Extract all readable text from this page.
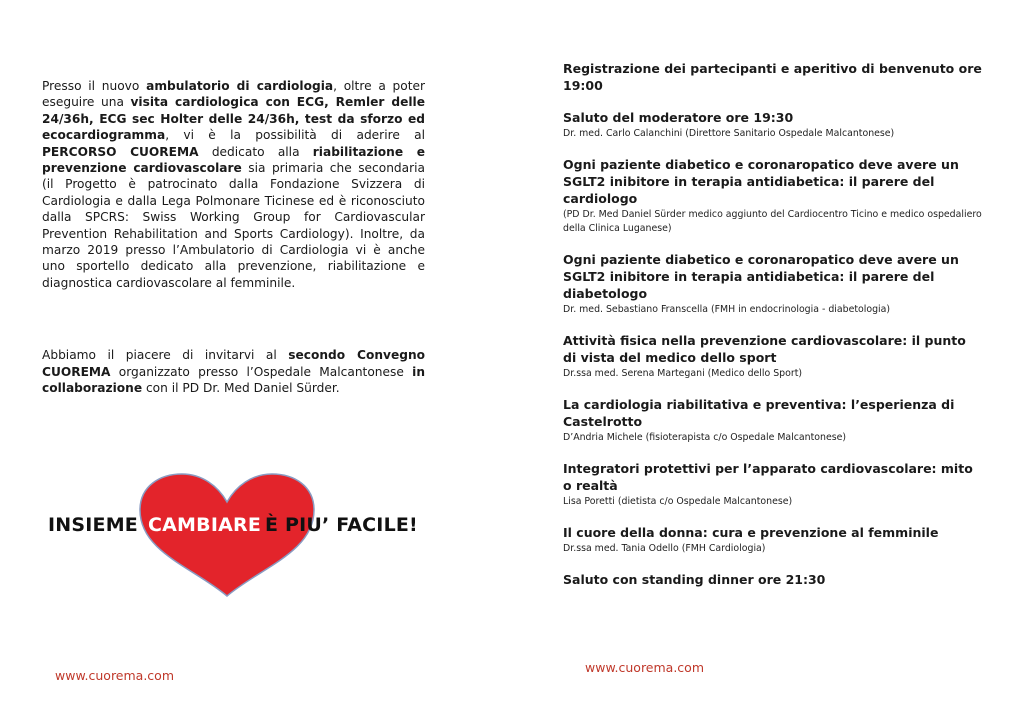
Presso il nuovo ambulatorio di cardiologia, oltre a poter eseguire una visita cardiologica con ECG, Remler delle 24/36h, ECG sec Holter delle 24/36h, test da sforzo ed ecocardiogramma, vi è la possibilità di aderire al PERCORSO CUOREMA dedicato alla riabilitazione e prevenzione cardiovascolare sia primaria che secondaria (il Progetto è patrocinato dalla Fondazione Svizzera di Cardiologia e dalla Lega Polmonare Ticinese ed è riconosciuto dalla SPCRS: Swiss Working Group for Cardiovascular Prevention Rehabilitation and Sports Cardiology). Inoltre, da marzo 2019 presso l’Ambulatorio di Cardiologia vi è anche uno sportello dedicato alla prevenzione, riabilitazione e diagnostica cardiovascolare al femminile.

Abbiamo il piacere di invitarvi al secondo Convegno CUOREMA organizzato presso l’Ospedale Malcantonese in collaborazione con il PD Dr. Med Daniel Sürder.

INSIEME CAMBIARE È PIU’ FACILE!
www.cuorema.com

Registrazione dei partecipanti e aperitivo di benvenuto ore 19:00

Saluto del moderatore ore 19:30

Dr. med. Carlo Calanchini (Direttore Sanitario Ospedale Malcantonese)

Ogni paziente diabetico e coronaropatico deve avere un SGLT2 inibitore in terapia antidiabetica: il parere del cardiologo

(PD Dr. Med Daniel Sürder medico aggiunto del Cardiocentro Ticino e medico ospedaliero della Clinica Luganese)

Ogni paziente diabetico e coronaropatico deve avere un SGLT2 inibitore in terapia antidiabetica: il parere del diabetologo

Dr. med. Sebastiano Franscella (FMH in endocrinologia - diabetologia)

Attività fisica nella prevenzione cardiovascolare: il punto di vista del medico dello sport

Dr.ssa med. Serena Martegani (Medico dello Sport)

La cardiologia riabilitativa e preventiva: l’esperienza di Castelrotto

D’Andria Michele (fisioterapista c/o Ospedale Malcantonese)

Integratori protettivi per l’apparato cardiovascolare: mito o realtà

Lisa Poretti (dietista c/o Ospedale Malcantonese)

Il cuore della donna: cura e prevenzione al femminile

Dr.ssa med. Tania Odello (FMH Cardiologia)

Saluto con standing dinner ore 21:30

www.cuorema.com
